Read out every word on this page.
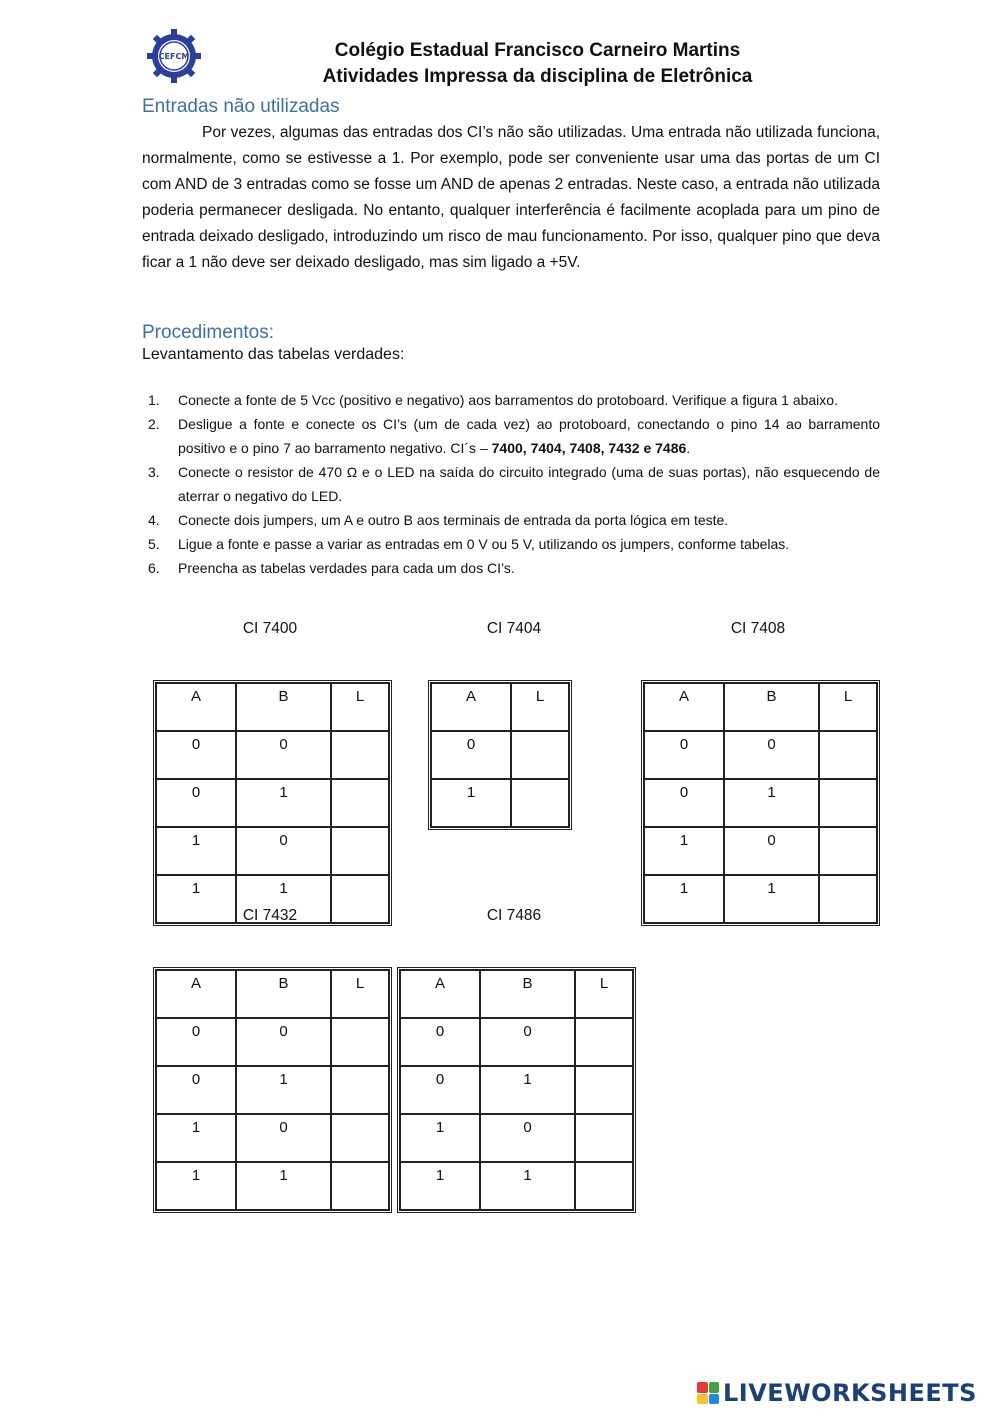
CEFCM	Colégio Estadual Francisco Carneiro Martins
Atividades Impressa da disciplina de Eletrônica
Entradas não utilizadas

Por vezes, algumas das entradas dos CI’s não são utilizadas. Uma entrada não utilizada funciona, normalmente, como se estivesse a 1. Por exemplo, pode ser conveniente usar uma das portas de um CI com AND de 3 entradas como se fosse um AND de apenas 2 entradas. Neste caso, a entrada não utilizada poderia permanecer desligada. No entanto, qualquer interferência é facilmente acoplada para um pino de entrada deixado desligado, introduzindo um risco de mau funcionamento. Por isso, qualquer pino que deva ficar a 1 não deve ser deixado desligado, mas sim ligado a +5V.

Procedimentos:

Levantamento das tabelas verdades:

1. Conecte a fonte de 5 Vcc (positivo e negativo) aos barramentos do protoboard. Verifique a figura 1 abaixo.
2. Desligue a fonte e conecte os CI’s (um de cada vez) ao protoboard, conectando o pino 14 ao barramento positivo e o pino 7 ao barramento negativo. CI´s – 7400, 7404, 7408, 7432 e 7486.
3. Conecte o resistor de 470 Ω e o LED na saída do circuito integrado (uma de suas portas), não esquecendo de aterrar o negativo do LED.
4. Conecte dois jumpers, um A e outro B aos terminais de entrada da porta lógica em teste.
5. Ligue a fonte e passe a variar as entradas em 0 V ou 5 V, utilizando os jumpers, conforme tabelas.
6. Preencha as tabelas verdades para cada um dos CI’s.
CI 7400	CI 7404	CI 7408
CI 7432	CI 7486
A	B	L
0	0	
0	1	
1	0	
1	1	
A	L
0	
1	
A	B	L
0	0	
0	1	
1	0	
1	1	
A	B	L
0	0	
0	1	
1	0	
1	1	
A	B	L
0	0	
0	1	
1	0	
1	1	
LIVEWORKSHEETS
